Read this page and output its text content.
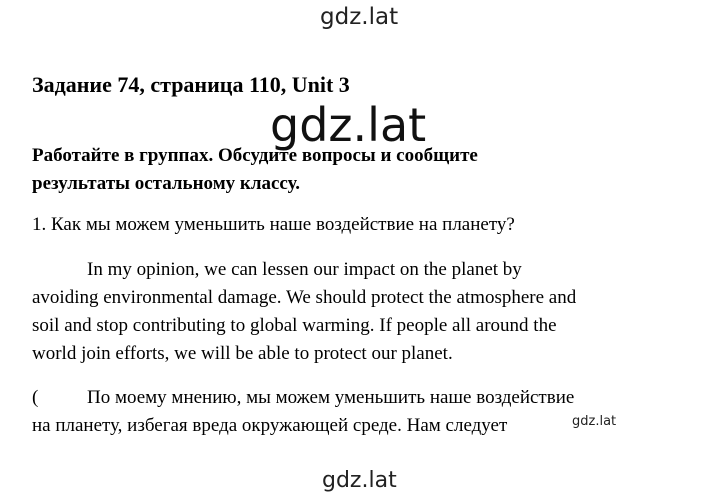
gdz.lat
Задание 74, страница 110, Unit 3
gdz.lat
Работайте в группах. Обсудите вопросы и сообщите
результаты остальному классу.
1. Как мы можем уменьшить наше воздействие на планету?
In my opinion, we can lessen our impact on the planet by
avoiding environmental damage. We should protect the atmosphere and
soil and stop contributing to global warming. If people all around the
world join efforts, we will be able to protect our planet.
(	По моему мнению, мы можем уменьшить наше воздействие
на планету, избегая вреда окружающей среде. Нам следует	gdz.lat
gdz.lat
